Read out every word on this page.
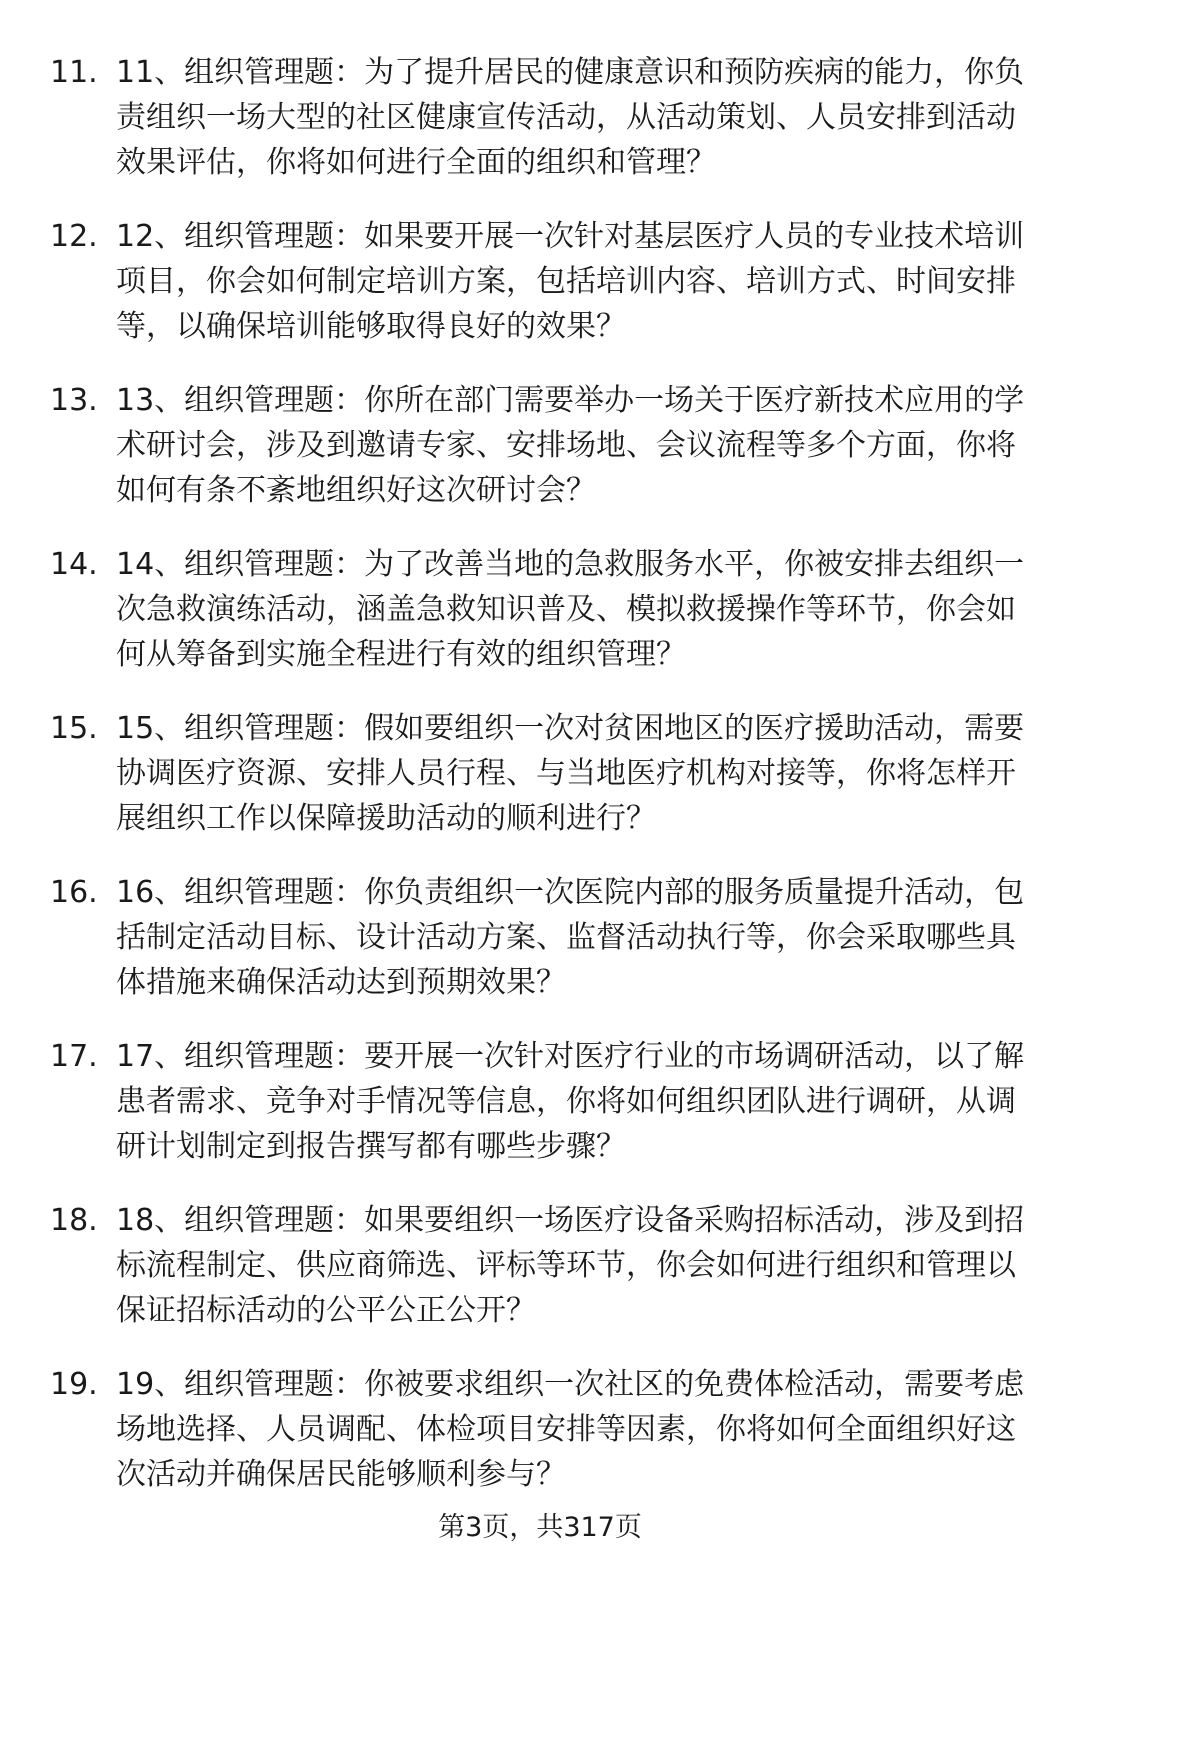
11. 11、组织管理题：为了提升居民的健康意识和预防疾病的能力，你负责组织一场大型的社区健康宣传活动，从活动策划、人员安排到活动效果评估，你将如何进行全面的组织和管理？
12. 12、组织管理题：如果要开展一次针对基层医疗人员的专业技术培训项目，你会如何制定培训方案，包括培训内容、培训方式、时间安排等，以确保培训能够取得良好的效果？
13. 13、组织管理题：你所在部门需要举办一场关于医疗新技术应用的学术研讨会，涉及到邀请专家、安排场地、会议流程等多个方面，你将如何有条不紊地组织好这次研讨会？
14. 14、组织管理题：为了改善当地的急救服务水平，你被安排去组织一次急救演练活动，涵盖急救知识普及、模拟救援操作等环节，你会如何从筹备到实施全程进行有效的组织管理？
15. 15、组织管理题：假如要组织一次对贫困地区的医疗援助活动，需要协调医疗资源、安排人员行程、与当地医疗机构对接等，你将怎样开展组织工作以保障援助活动的顺利进行？
16. 16、组织管理题：你负责组织一次医院内部的服务质量提升活动，包括制定活动目标、设计活动方案、监督活动执行等，你会采取哪些具体措施来确保活动达到预期效果？
17. 17、组织管理题：要开展一次针对医疗行业的市场调研活动，以了解患者需求、竞争对手情况等信息，你将如何组织团队进行调研，从调研计划制定到报告撰写都有哪些步骤？
18. 18、组织管理题：如果要组织一场医疗设备采购招标活动，涉及到招标流程制定、供应商筛选、评标等环节，你会如何进行组织和管理以保证招标活动的公平公正公开？
19. 19、组织管理题：你被要求组织一次社区的免费体检活动，需要考虑场地选择、人员调配、体检项目安排等因素，你将如何全面组织好这次活动并确保居民能够顺利参与？
第3页，共317页
